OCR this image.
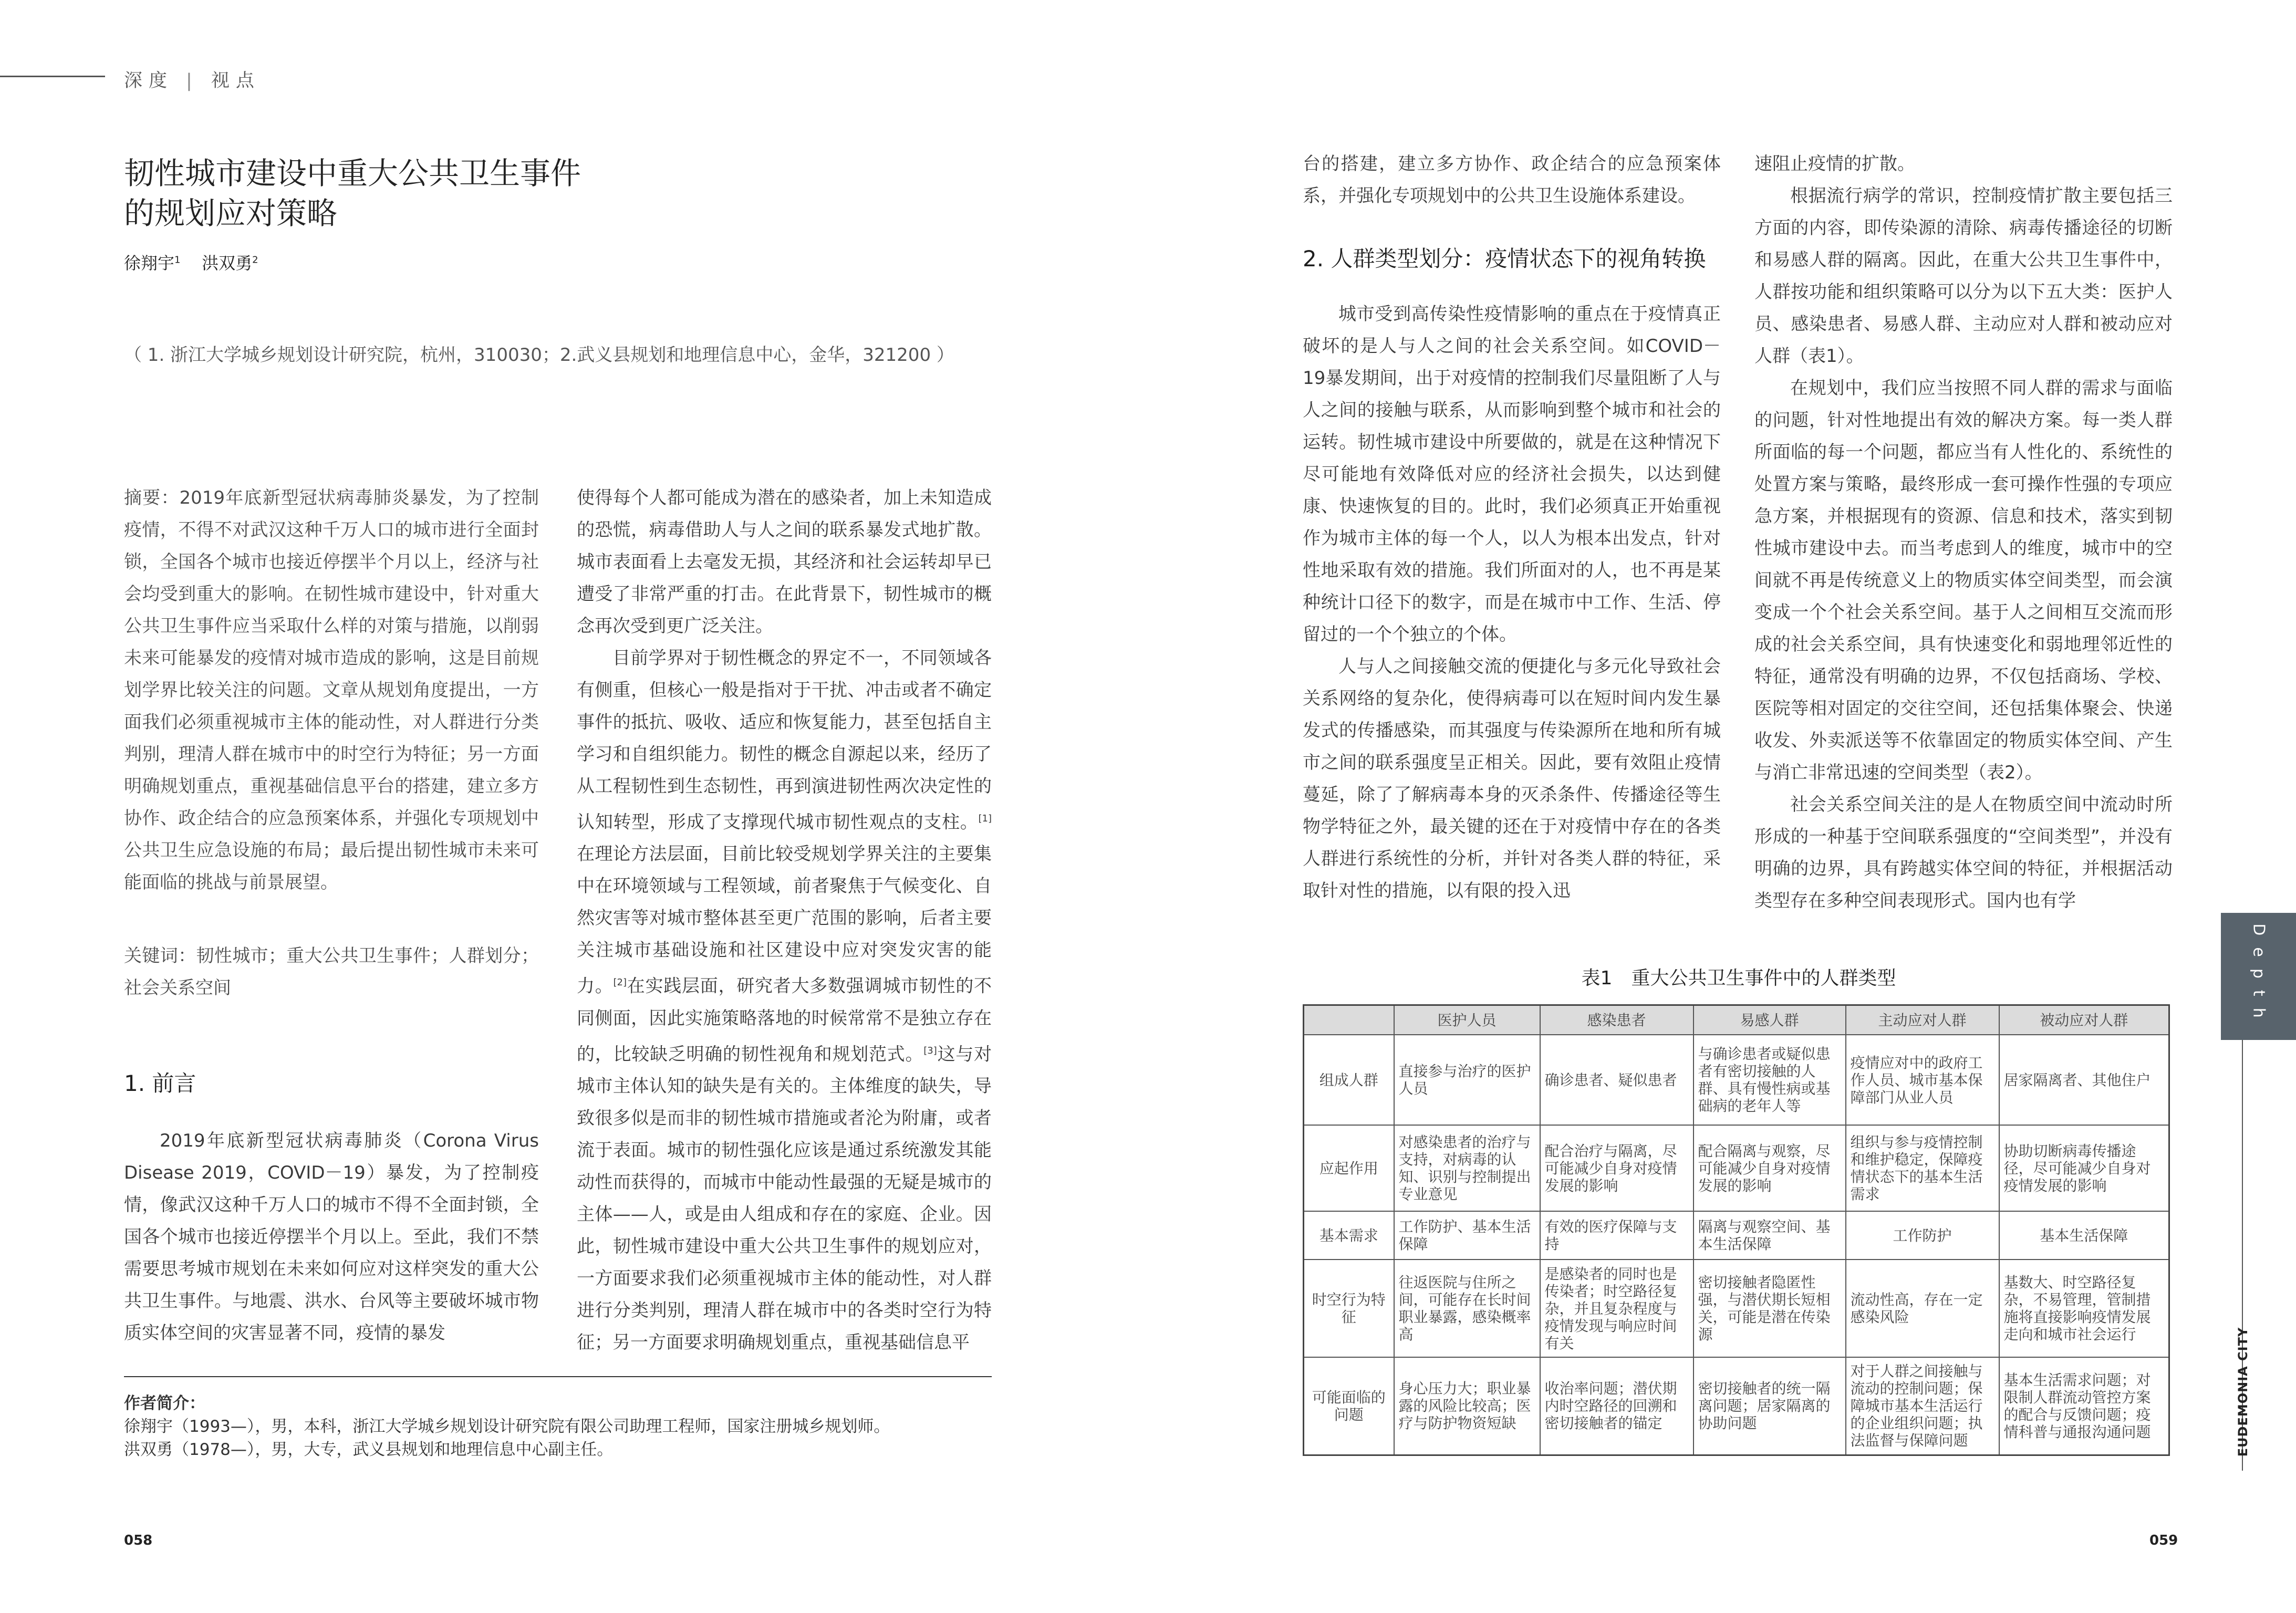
深度 | 视点
韧性城市建设中重大公共卫生事件
的规划应对策略
徐翔宇$^1$ 洪双勇$^2$
（ 1. 浙江大学城乡规划设计研究院，杭州，310030；2.武义县规划和地理信息中心，金华，321200 ）

摘要：2019年底新型冠状病毒肺炎暴发，为了控制疫情，不得不对武汉这种千万人口的城市进行全面封锁，全国各个城市也接近停摆半个月以上，经济与社会均受到重大的影响。在韧性城市建设中，针对重大公共卫生事件应当采取什么样的对策与措施，以削弱未来可能暴发的疫情对城市造成的影响，这是目前规划学界比较关注的问题。文章从规划角度提出，一方面我们必须重视城市主体的能动性，对人群进行分类判别，理清人群在城市中的时空行为特征；另一方面明确规划重点，重视基础信息平台的搭建，建立多方协作、政企结合的应急预案体系，并强化专项规划中公共卫生应急设施的布局；最后提出韧性城市未来可能面临的挑战与前景展望。

关键词：韧性城市；重大公共卫生事件；人群划分；社会关系空间

1. 前言

2019年底新型冠状病毒肺炎（Corona Virus Disease 2019，COVID－19）暴发，为了控制疫情，像武汉这种千万人口的城市不得不全面封锁，全国各个城市也接近停摆半个月以上。至此，我们不禁需要思考城市规划在未来如何应对这样突发的重大公共卫生事件。与地震、洪水、台风等主要破坏城市物质实体空间的灾害显著不同，疫情的暴发

使得每个人都可能成为潜在的感染者，加上未知造成的恐慌，病毒借助人与人之间的联系暴发式地扩散。城市表面看上去毫发无损，其经济和社会运转却早已遭受了非常严重的打击。在此背景下，韧性城市的概念再次受到更广泛关注。

目前学界对于韧性概念的界定不一，不同领域各有侧重，但核心一般是指对于干扰、冲击或者不确定事件的抵抗、吸收、适应和恢复能力，甚至包括自主学习和自组织能力。韧性的概念自源起以来，经历了从工程韧性到生态韧性，再到演进韧性两次决定性的认知转型，形成了支撑现代城市韧性观点的支柱。[1]在理论方法层面，目前比较受规划学界关注的主要集中在环境领域与工程领域，前者聚焦于气候变化、自然灾害等对城市整体甚至更广范围的影响，后者主要关注城市基础设施和社区建设中应对突发灾害的能力。[2]在实践层面，研究者大多数强调城市韧性的不同侧面，因此实施策略落地的时候常常不是独立存在的，比较缺乏明确的韧性视角和规划范式。[3]这与对城市主体认知的缺失是有关的。主体维度的缺失，导致很多似是而非的韧性城市措施或者沦为附庸，或者流于表面。城市的韧性强化应该是通过系统激发其能动性而获得的，而城市中能动性最强的无疑是城市的主体——人，或是由人组成和存在的家庭、企业。因此，韧性城市建设中重大公共卫生事件的规划应对，一方面要求我们必须重视城市主体的能动性，对人群进行分类判别，理清人群在城市中的各类时空行为特征；另一方面要求明确规划重点，重视基础信息平

台的搭建，建立多方协作、政企结合的应急预案体系，并强化专项规划中的公共卫生设施体系建设。

2. 人群类型划分：疫情状态下的视角转换

城市受到高传染性疫情影响的重点在于疫情真正破坏的是人与人之间的社会关系空间。如COVID－19暴发期间，出于对疫情的控制我们尽量阻断了人与人之间的接触与联系，从而影响到整个城市和社会的运转。韧性城市建设中所要做的，就是在这种情况下尽可能地有效降低对应的经济社会损失，以达到健康、快速恢复的目的。此时，我们必须真正开始重视作为城市主体的每一个人，以人为根本出发点，针对性地采取有效的措施。我们所面对的人，也不再是某种统计口径下的数字，而是在城市中工作、生活、停留过的一个个独立的个体。

人与人之间接触交流的便捷化与多元化导致社会关系网络的复杂化，使得病毒可以在短时间内发生暴发式的传播感染，而其强度与传染源所在地和所有城市之间的联系强度呈正相关。因此，要有效阻止疫情蔓延，除了了解病毒本身的灭杀条件、传播途径等生物学特征之外，最关键的还在于对疫情中存在的各类人群进行系统性的分析，并针对各类人群的特征，采取针对性的措施，以有限的投入迅

速阻止疫情的扩散。

根据流行病学的常识，控制疫情扩散主要包括三方面的内容，即传染源的清除、病毒传播途径的切断和易感人群的隔离。因此，在重大公共卫生事件中，人群按功能和组织策略可以分为以下五大类：医护人员、感染患者、易感人群、主动应对人群和被动应对人群（表1）。

在规划中，我们应当按照不同人群的需求与面临的问题，针对性地提出有效的解决方案。每一类人群所面临的每一个问题，都应当有人性化的、系统性的处置方案与策略，最终形成一套可操作性强的专项应急方案，并根据现有的资源、信息和技术，落实到韧性城市建设中去。而当考虑到人的维度，城市中的空间就不再是传统意义上的物质实体空间类型，而会演变成一个个社会关系空间。基于人之间相互交流而形成的社会关系空间，具有快速变化和弱地理邻近性的特征，通常没有明确的边界，不仅包括商场、学校、医院等相对固定的交往空间，还包括集体聚会、快递收发、外卖派送等不依靠固定的物质实体空间、产生与消亡非常迅速的空间类型（表2）。

社会关系空间关注的是人在物质空间中流动时所形成的一种基于空间联系强度的“空间类型”，并没有明确的边界，具有跨越实体空间的特征，并根据活动类型存在多种空间表现形式。国内也有学

表1　重大公共卫生事件中的人群类型
	医护人员	感染患者	易感人群	主动应对人群	被动应对人群
组成人群	直接参与治疗的医护人员	确诊患者、疑似患者	与确诊患者或疑似患者有密切接触的人群、具有慢性病或基础病的老年人等	疫情应对中的政府工作人员、城市基本保障部门从业人员	居家隔离者、其他住户
应起作用	对感染患者的治疗与支持，对病毒的认知、识别与控制提出专业意见	配合治疗与隔离，尽可能减少自身对疫情发展的影响	配合隔离与观察，尽可能减少自身对疫情发展的影响	组织与参与疫情控制和维护稳定，保障疫情状态下的基本生活需求	协助切断病毒传播途径，尽可能减少自身对疫情发展的影响
基本需求	工作防护、基本生活保障	有效的医疗保障与支持	隔离与观察空间、基本生活保障	工作防护	基本生活保障
时空行为特征	往返医院与住所之间，可能存在长时间职业暴露，感染概率高	是感染者的同时也是传染者；时空路径复杂，并且复杂程度与疫情发现与响应时间有关	密切接触者隐匿性强，与潜伏期长短相关，可能是潜在传染源	流动性高，存在一定感染风险	基数大、时空路径复杂，不易管理，管制措施将直接影响疫情发展走向和城市社会运行
可能面临的问题	身心压力大；职业暴露的风险比较高；医疗与防护物资短缺	收治率问题；潜伏期内时空路径的回溯和密切接触者的锚定	密切接触者的统一隔离问题；居家隔离的协助问题	对于人群之间接触与流动的控制问题；保障城市基本生活运行的企业组织问题；执法监督与保障问题	基本生活需求问题；对限制人群流动管控方案的配合与反馈问题；疫情科普与通报沟通问题
作者简介：
徐翔宇（1993—），男，本科，浙江大学城乡规划设计研究院有限公司助理工程师，国家注册城乡规划师。
洪双勇（1978—），男，大专，武义县规划和地理信息中心副主任。
058	059
Depth
EUDEMONIA CITY
